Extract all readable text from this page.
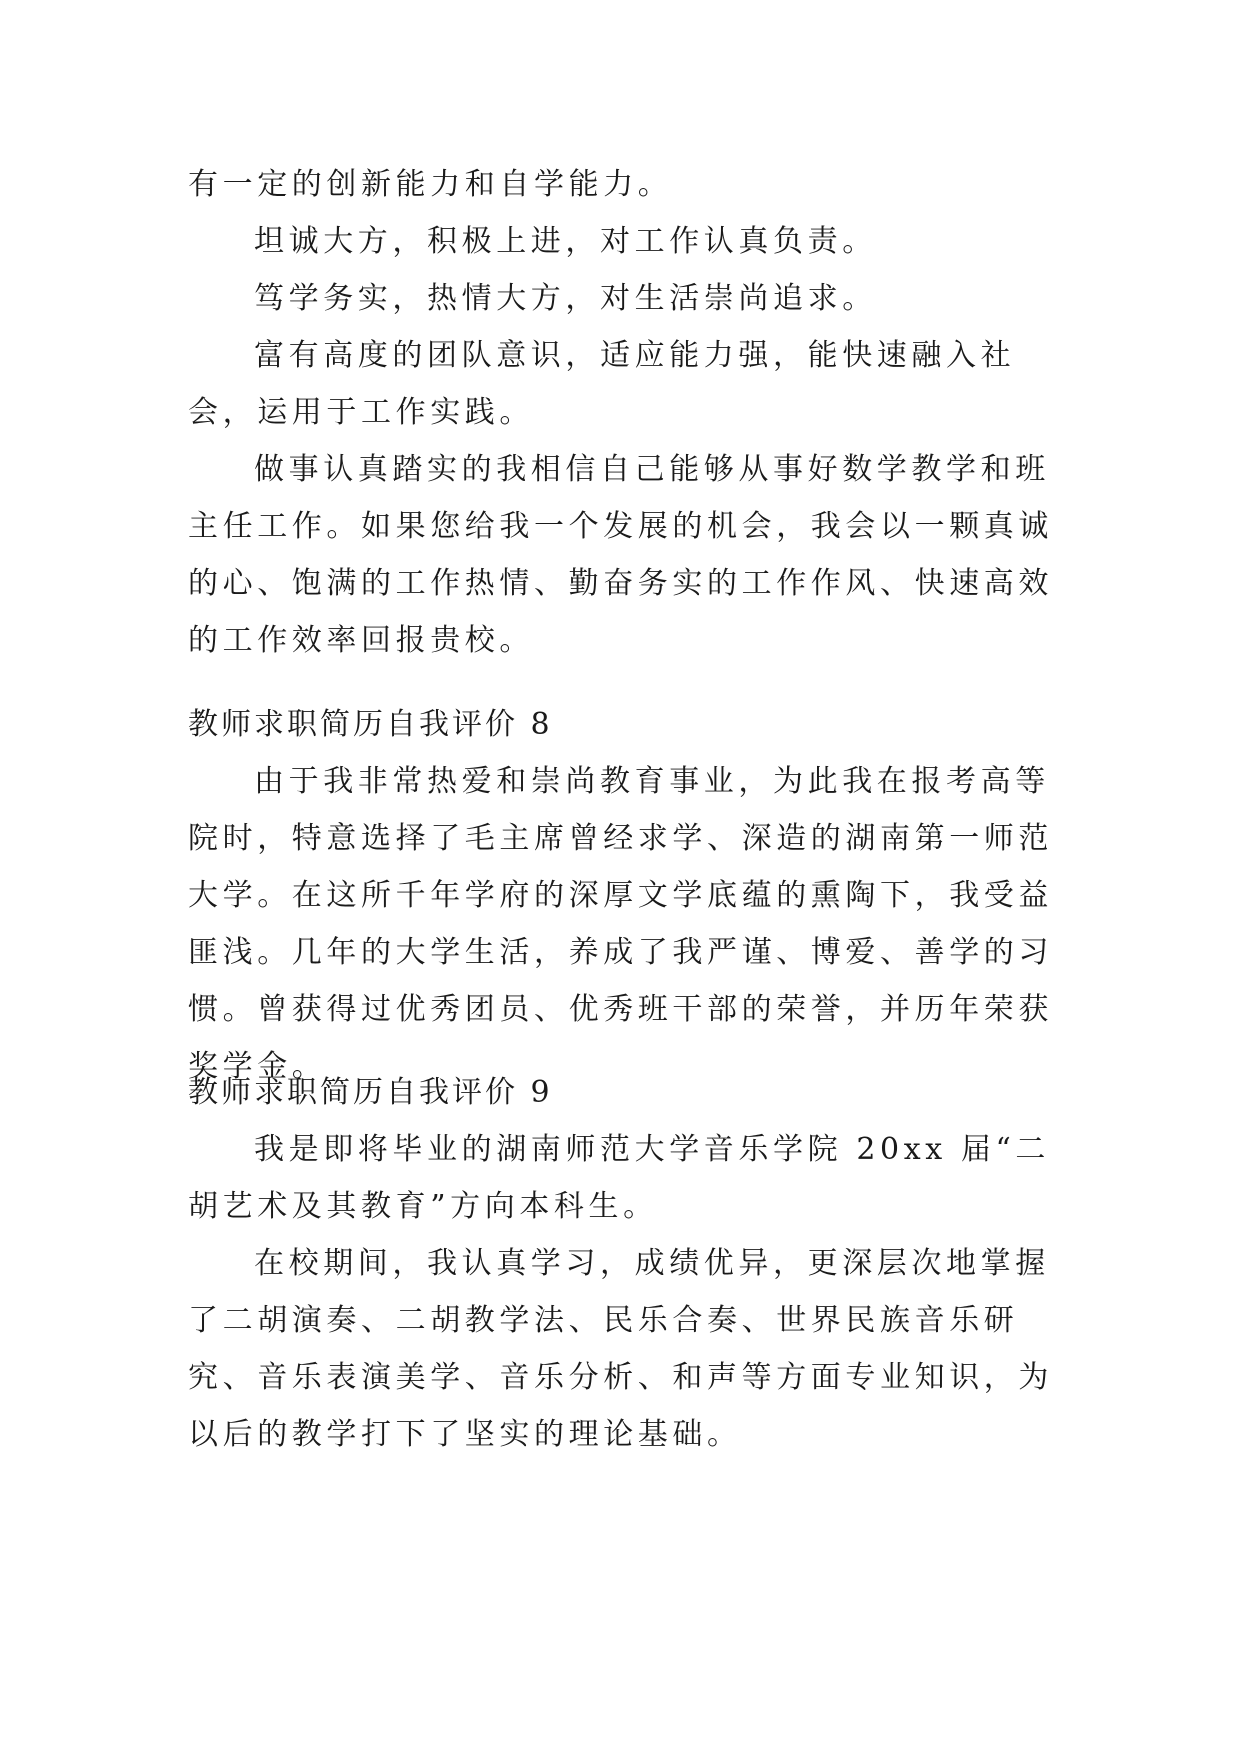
有一定的创新能力和自学能力。

坦诚大方，积极上进，对工作认真负责。

笃学务实，热情大方，对生活崇尚追求。

富有高度的团队意识，适应能力强，能快速融入社会，运用于工作实践。

做事认真踏实的我相信自己能够从事好数学教学和班主任工作。如果您给我一个发展的机会，我会以一颗真诚的心、饱满的工作热情、勤奋务实的工作作风、快速高效的工作效率回报贵校。

教师求职简历自我评价 8

由于我非常热爱和崇尚教育事业，为此我在报考高等院时，特意选择了毛主席曾经求学、深造的湖南第一师范大学。在这所千年学府的深厚文学底蕴的熏陶下，我受益匪浅。几年的大学生活，养成了我严谨、博爱、善学的习惯。曾获得过优秀团员、优秀班干部的荣誉，并历年荣获奖学金。

教师求职简历自我评价 9

我是即将毕业的湖南师范大学音乐学院 20xx 届“二胡艺术及其教育”方向本科生。

在校期间，我认真学习，成绩优异，更深层次地掌握了二胡演奏、二胡教学法、民乐合奏、世界民族音乐研究、音乐表演美学、音乐分析、和声等方面专业知识，为以后的教学打下了坚实的理论基础。
